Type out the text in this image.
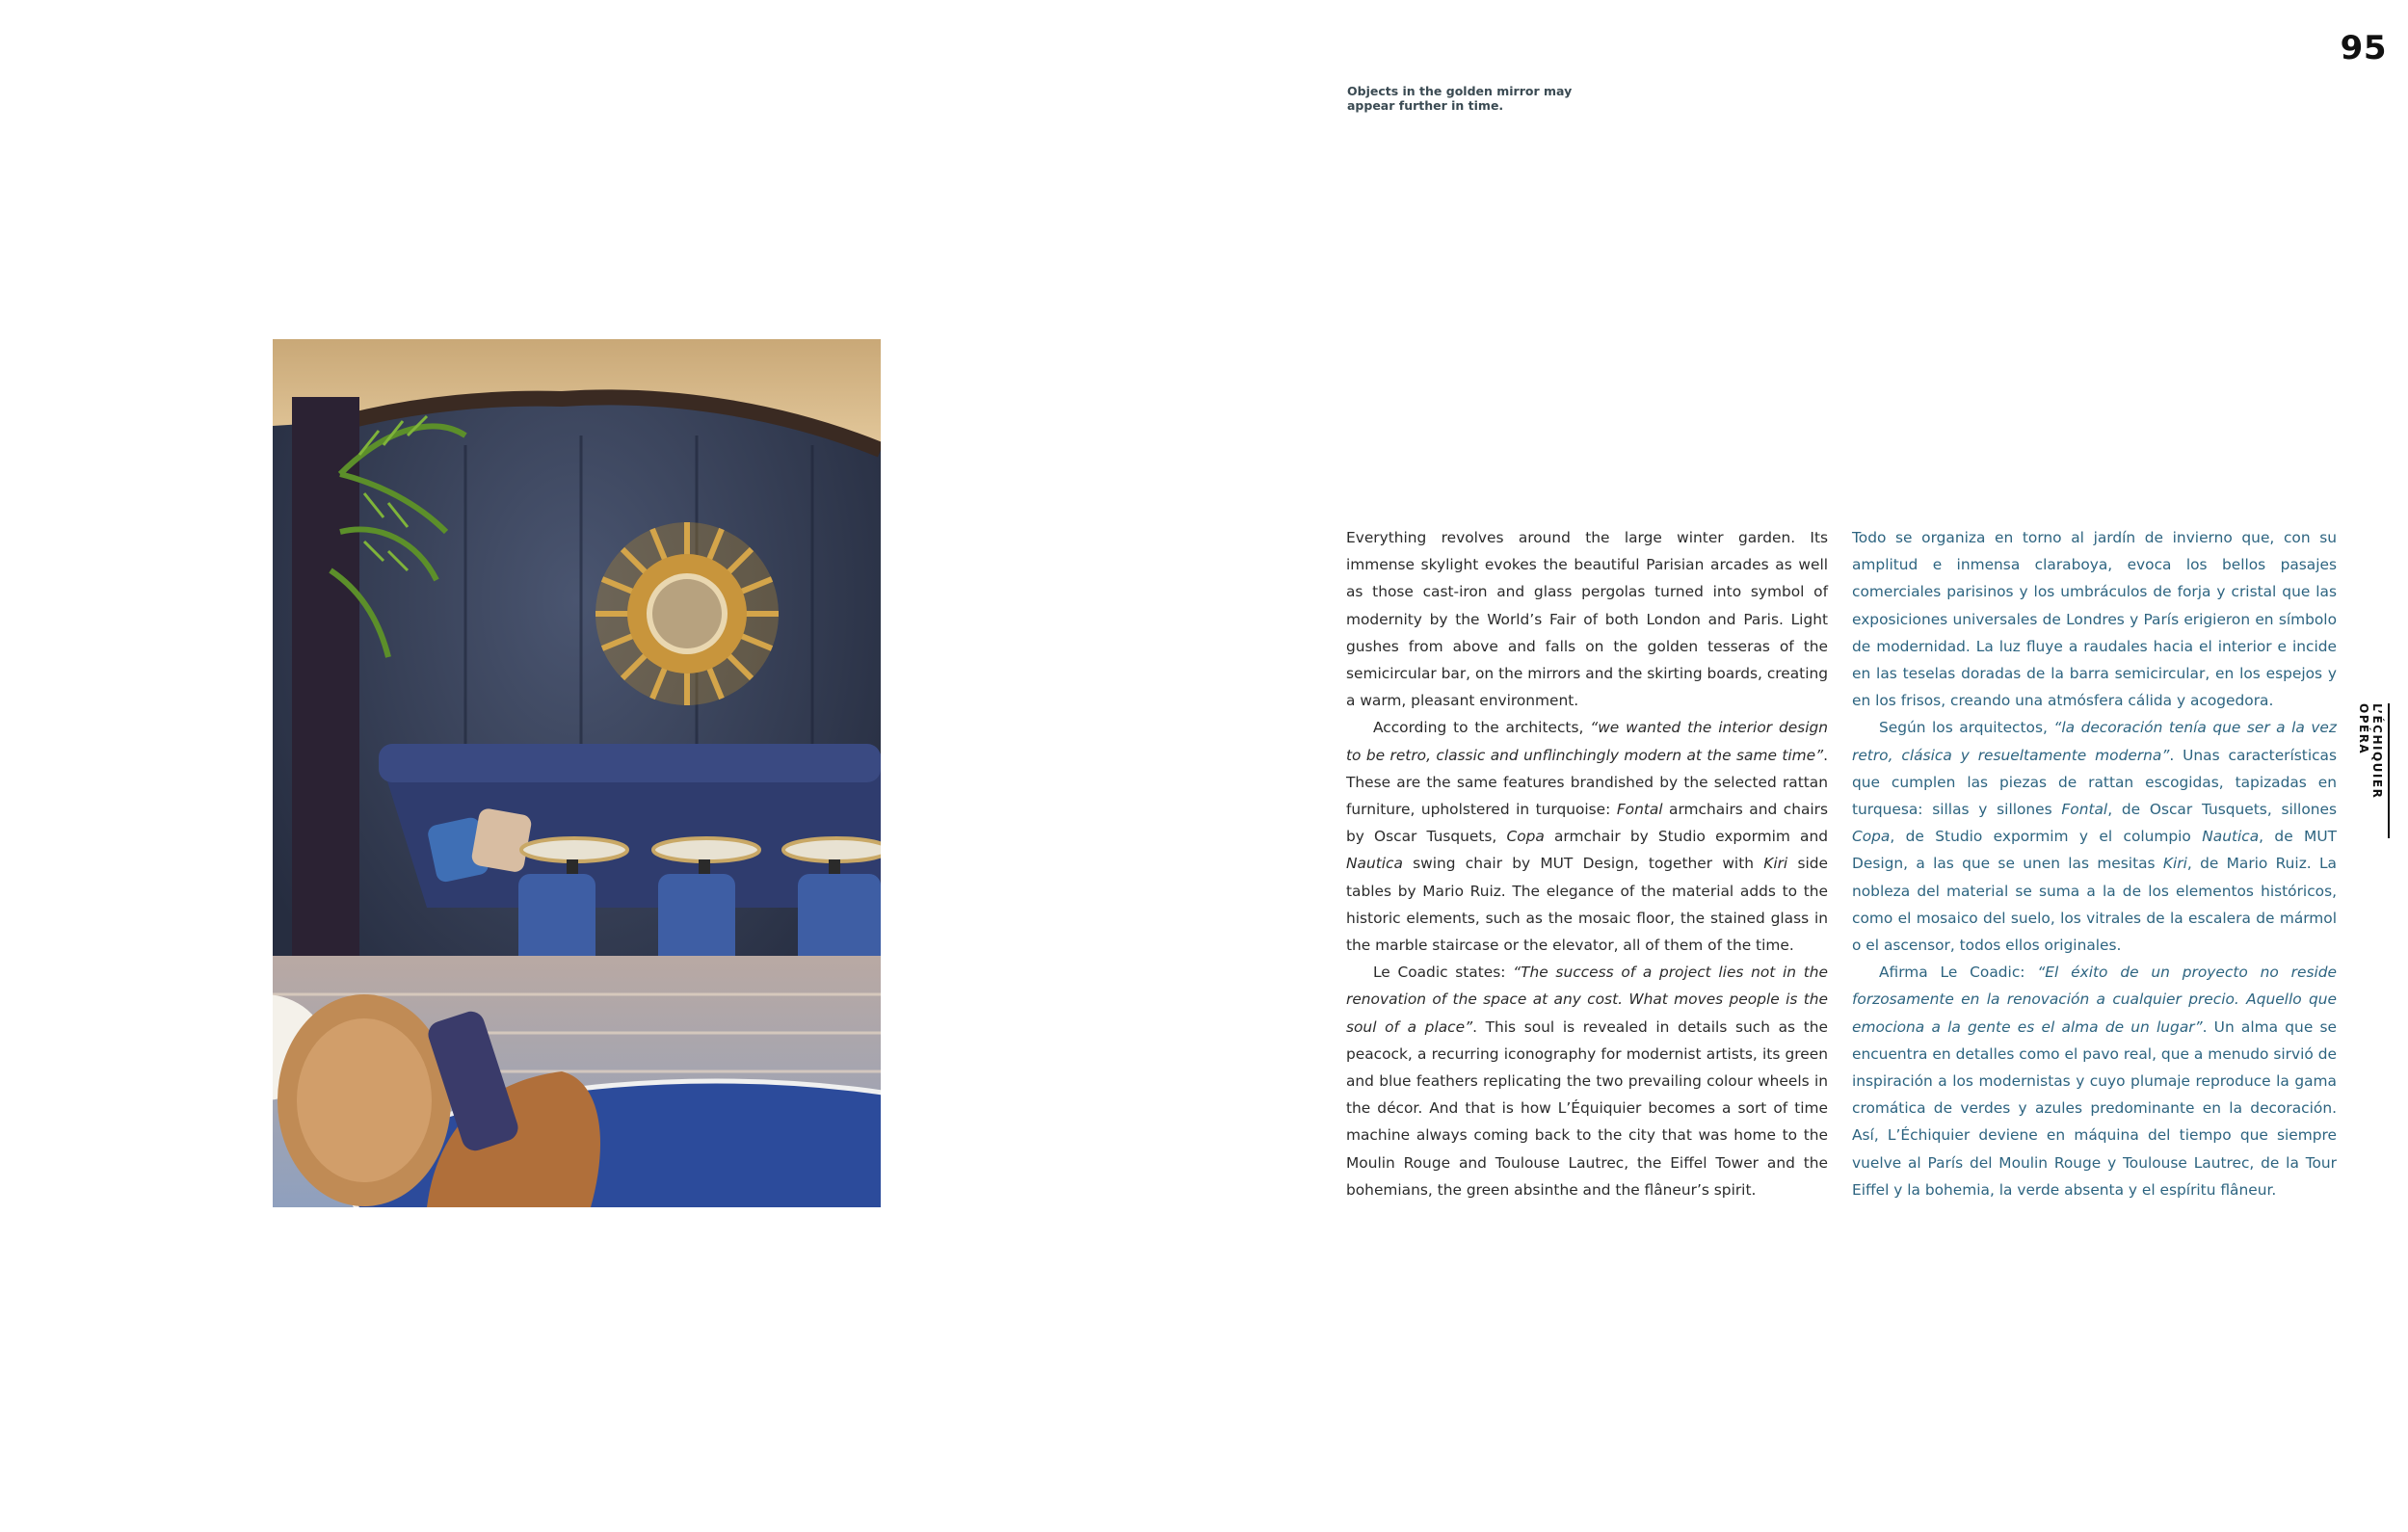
95
Objects in the golden mirror may
appear further in time.
L’ÉCHIQUIER OPÉRA

Everything revolves around the large winter garden. Its immense skylight evokes the beautiful Parisian arcades as well as those cast-iron and glass pergolas turned into symbol of modernity by the World’s Fair of both London and Paris. Light gushes from above and falls on the golden tesseras of the semicircular bar, on the mirrors and the skirting boards, creating a warm, pleasant environment.

According to the architects, “we wanted the interior design to be retro, classic and unflinchingly modern at the same time”. These are the same features brandished by the selected rattan furniture, upholstered in turquoise: Fontal armchairs and chairs by Oscar Tusquets, Copa armchair by Studio expormim and Nautica swing chair by MUT Design, together with Kiri side tables by Mario Ruiz. The elegance of the material adds to the historic elements, such as the mosaic floor, the stained glass in the marble staircase or the elevator, all of them of the time.

Le Coadic states: “The success of a project lies not in the renovation of the space at any cost. What moves people is the soul of a place”. This soul is revealed in details such as the peacock, a recurring iconography for modernist artists, its green and blue feathers replicating the two prevailing colour wheels in the décor. And that is how L’Équiquier becomes a sort of time machine always coming back to the city that was home to the Moulin Rouge and Toulouse Lautrec, the Eiffel Tower and the bohemians, the green absinthe and the flâneur’s spirit.

Todo se organiza en torno al jardín de invierno que, con su amplitud e inmensa claraboya, evoca los bellos pasajes comerciales parisinos y los umbráculos de forja y cristal que las exposiciones universales de Londres y París erigieron en símbolo de modernidad. La luz fluye a raudales hacia el interior e incide en las teselas doradas de la barra semicircular, en los espejos y en los frisos, creando una atmósfera cálida y acogedora.

Según los arquitectos, “la decoración tenía que ser a la vez retro, clásica y resueltamente moderna”. Unas características que cumplen las piezas de rattan escogidas, tapizadas en turquesa: sillas y sillones Fontal, de Oscar Tusquets, sillones Copa, de Studio expormim y el columpio Nautica, de MUT Design, a las que se unen las mesitas Kiri, de Mario Ruiz. La nobleza del material se suma a la de los elementos históricos, como el mosaico del suelo, los vitrales de la escalera de mármol o el ascensor, todos ellos originales.

Afirma Le Coadic: “El éxito de un proyecto no reside forzosamente en la renovación a cualquier precio. Aquello que emociona a la gente es el alma de un lugar”. Un alma que se encuentra en detalles como el pavo real, que a menudo sirvió de inspiración a los modernistas y cuyo plumaje reproduce la gama cromática de verdes y azules predominante en la decoración. Así, L’Échiquier deviene en máquina del tiempo que siempre vuelve al París del Moulin Rouge y Toulouse Lautrec, de la Tour Eiffel y la bohemia, la verde absenta y el espíritu flâneur.
